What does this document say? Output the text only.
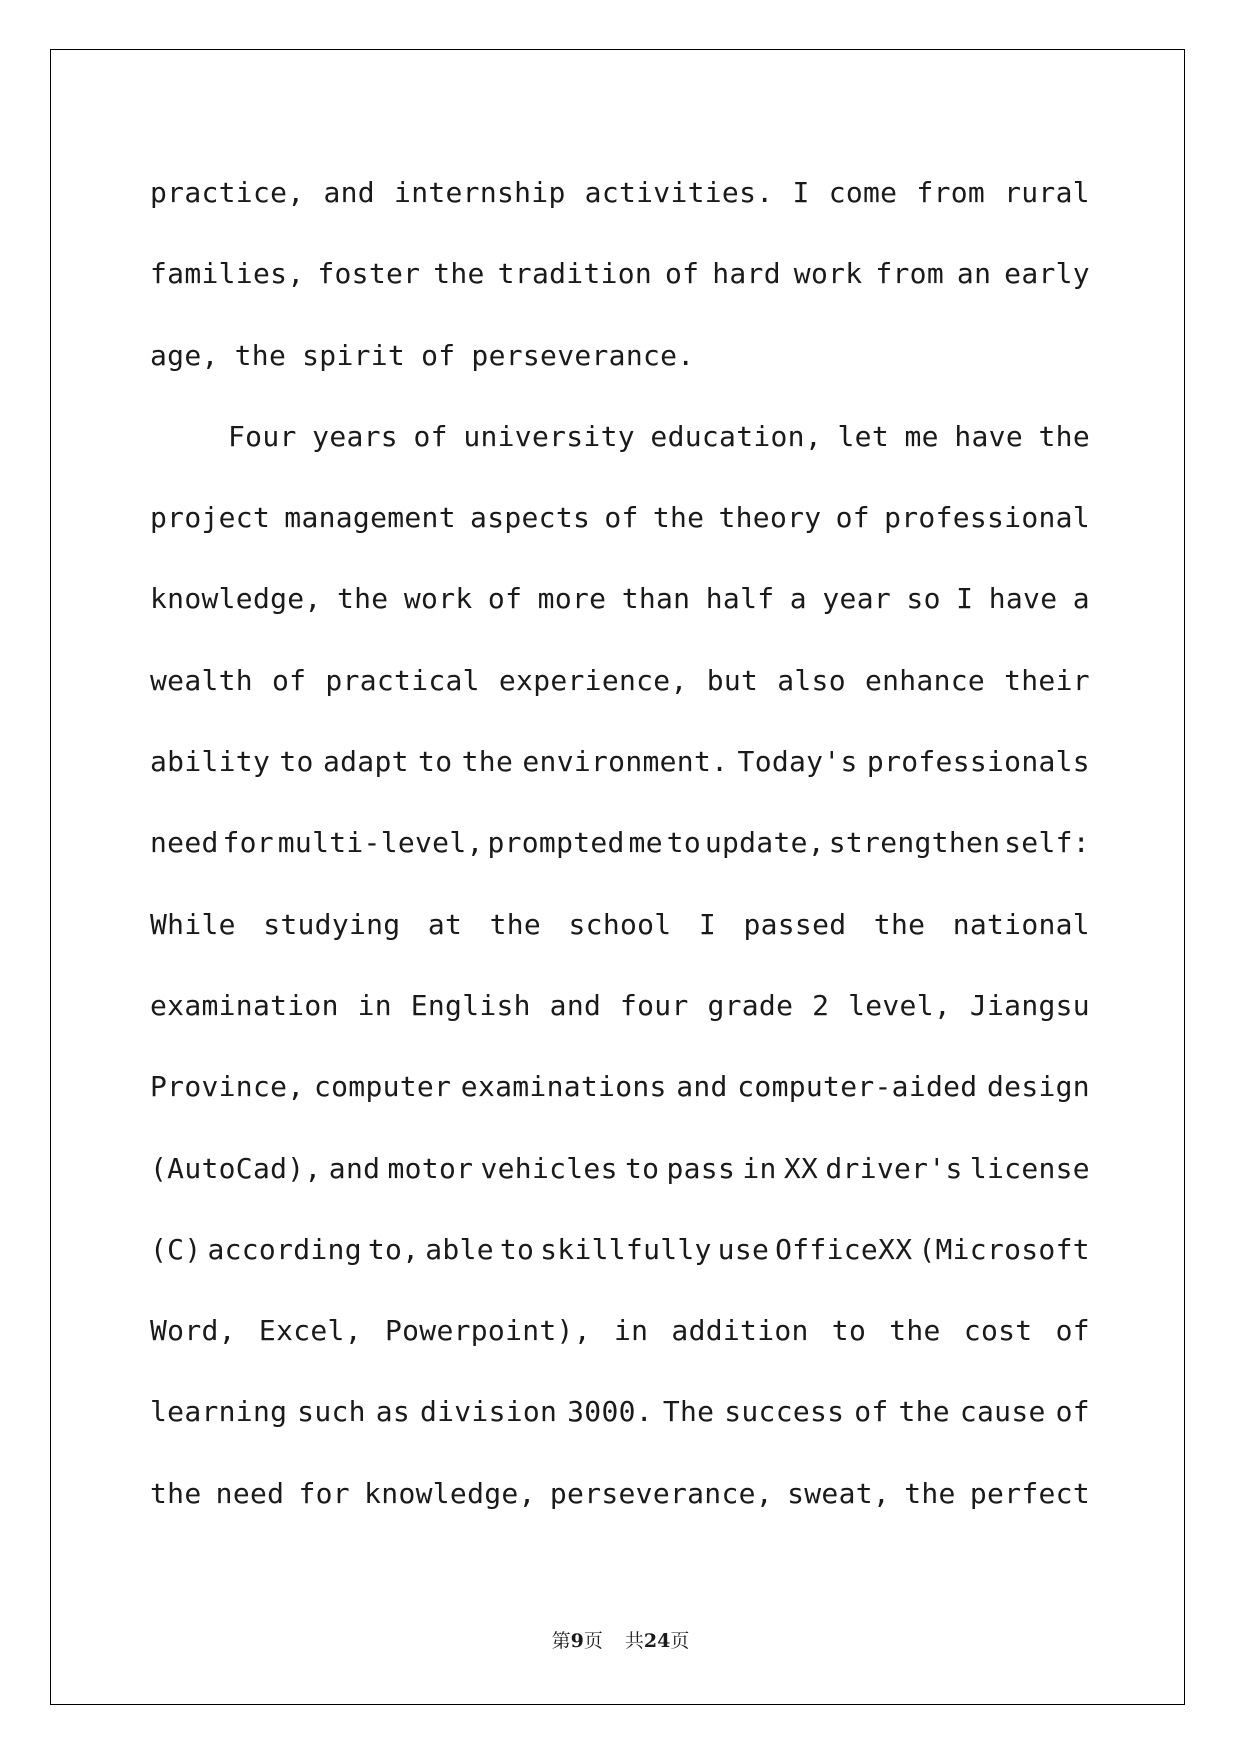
practice, and internship activities. I come from rural
families, foster the tradition of hard work from an early
age, the spirit of perseverance.
Four years of university education, let me have the
project management aspects of the theory of professional
knowledge, the work of more than half a year so I have a
wealth of practical experience, but also enhance their
ability to adapt to the environment. Today's professionals
need for multi-level, prompted me to update, strengthen self:
While studying at the school I passed the national
examination in English and four grade 2 level, Jiangsu
Province, computer examinations and computer-aided design
(AutoCad), and motor vehicles to pass in XX driver's license
(C) according to, able to skillfully use OfficeXX (Microsoft
Word, Excel, Powerpoint), in addition to the cost of
learning such as division 3000. The success of the cause of
the need for knowledge, perseverance, sweat, the perfect
第9页 共24页
